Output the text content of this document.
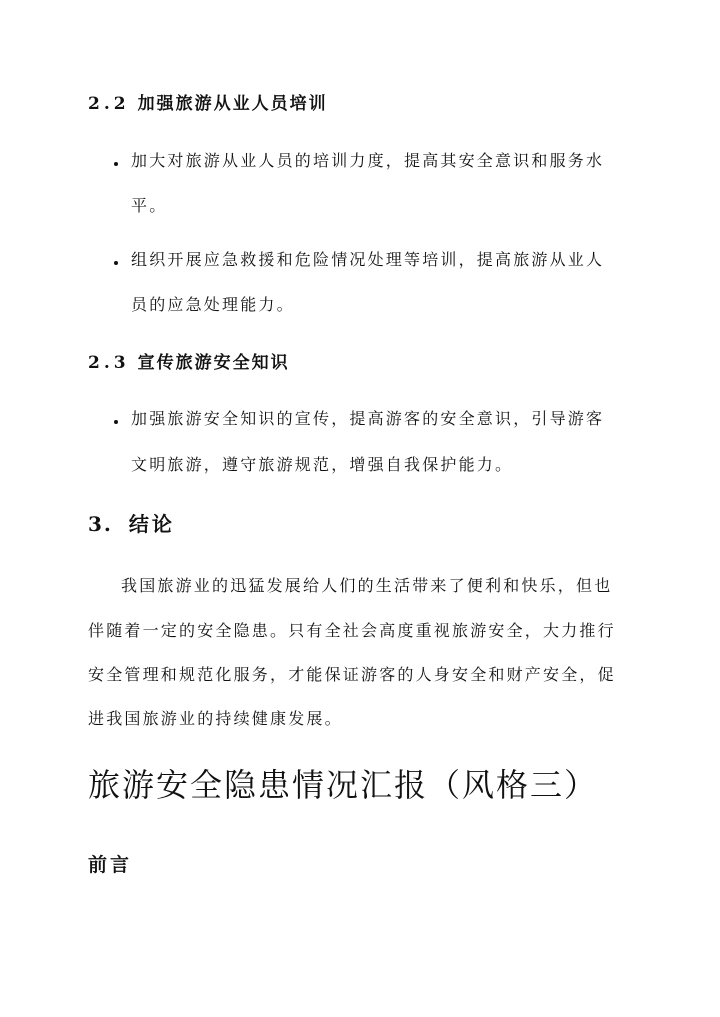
2.2 加强旅游从业人员培训
加大对旅游从业人员的培训力度，提高其安全意识和服务水
平。
组织开展应急救援和危险情况处理等培训，提高旅游从业人
员的应急处理能力。
2.3 宣传旅游安全知识
加强旅游安全知识的宣传，提高游客的安全意识，引导游客
文明旅游，遵守旅游规范，增强自我保护能力。
3. 结论
我国旅游业的迅猛发展给人们的生活带来了便利和快乐，但也
伴随着一定的安全隐患。只有全社会高度重视旅游安全，大力推行
安全管理和规范化服务，才能保证游客的人身安全和财产安全，促
进我国旅游业的持续健康发展。
旅游安全隐患情况汇报（风格三）
前言
